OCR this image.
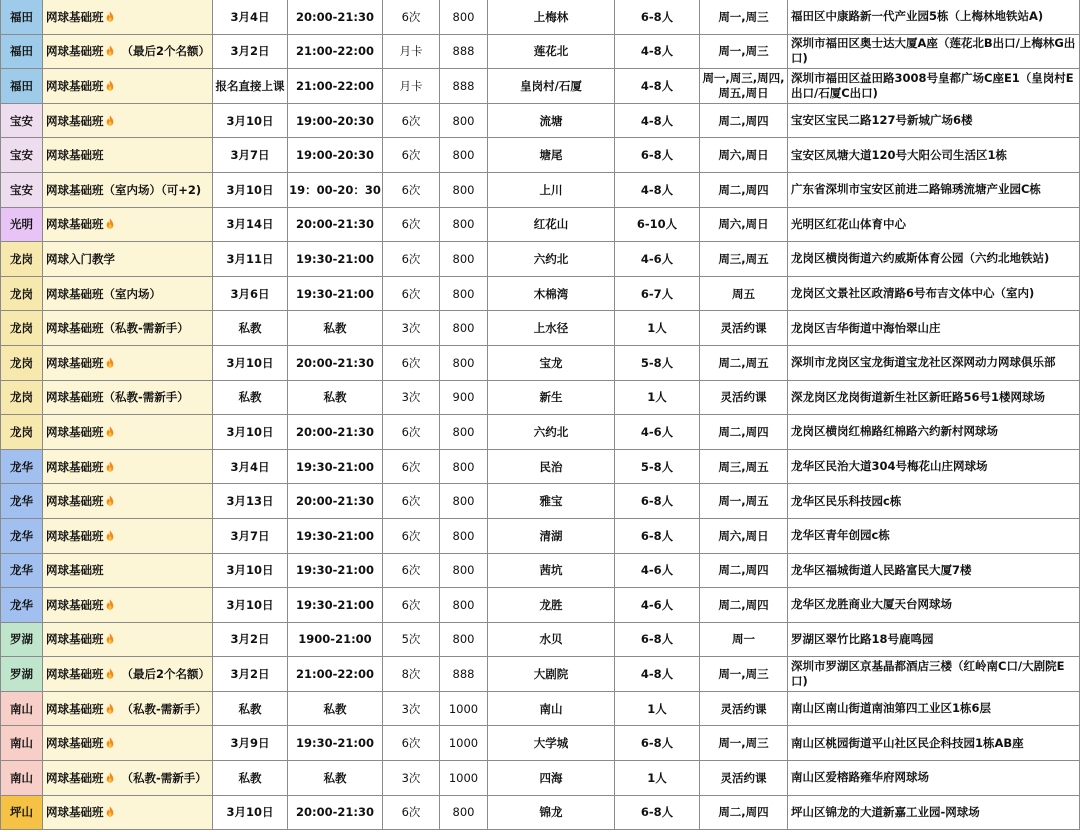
福田	网球基础班	3月4日	20:00-21:30	6次	800	上梅林	6-8人	周一,周三	福田区中康路新一代产业园5栋（上梅林地铁站A)
福田	网球基础班 （最后2个名额）	3月2日	21:00-22:00	月卡	888	莲花北	4-8人	周一,周三	深圳市福田区奥士达大厦A座（莲花北B出口/上梅林G出口)
福田	网球基础班	报名直接上课	21:00-22:00	月卡	888	皇岗村/石厦	4-8人	周一,周三,周四,周五,周日	深圳市福田区益田路3008号皇都广场C座E1（皇岗村E出口/石厦C出口)
宝安	网球基础班	3月10日	19:00-20:30	6次	800	流塘	4-8人	周二,周四	宝安区宝民二路127号新城广场6楼
宝安	网球基础班	3月7日	19:00-20:30	6次	800	塘尾	6-8人	周六,周日	宝安区凤塘大道120号大阳公司生活区1栋
宝安	网球基础班（室内场）（可+2)	3月10日	19：00-20：30	6次	800	上川	4-8人	周二,周四	广东省深圳市宝安区前进二路锦琇流塘产业园C栋
光明	网球基础班	3月14日	20:00-21:30	6次	800	红花山	6-10人	周六,周日	光明区红花山体育中心
龙岗	网球入门教学	3月11日	19:30-21:00	6次	800	六约北	4-6人	周三,周五	龙岗区横岗街道六约威斯体育公园（六约北地铁站)
龙岗	网球基础班（室内场）	3月6日	19:30-21:00	6次	800	木棉湾	6-7人	周五	龙岗区文景社区政清路6号布吉文体中心（室内)
龙岗	网球基础班（私教-需新手）	私教	私教	3次	800	上水径	1人	灵活约课	龙岗区吉华街道中海怡翠山庄
龙岗	网球基础班	3月10日	20:00-21:30	6次	800	宝龙	5-8人	周二,周五	深圳市龙岗区宝龙街道宝龙社区深网动力网球俱乐部
龙岗	网球基础班（私教-需新手）	私教	私教	3次	900	新生	1人	灵活约课	深龙岗区龙岗街道新生社区新旺路56号1楼网球场
龙岗	网球基础班	3月10日	20:00-21:30	6次	800	六约北	4-6人	周二,周四	龙岗区横岗红棉路红棉路六约新村网球场
龙华	网球基础班	3月4日	19:30-21:00	6次	800	民治	5-8人	周三,周五	龙华区民治大道304号梅花山庄网球场
龙华	网球基础班	3月13日	20:00-21:30	6次	800	雅宝	6-8人	周一,周五	龙华区民乐科技园c栋
龙华	网球基础班	3月7日	19:30-21:00	6次	800	清湖	6-8人	周六,周日	龙华区青年创园c栋
龙华	网球基础班	3月10日	19:30-21:00	6次	800	茜坑	4-6人	周二,周四	龙华区福城街道人民路富民大厦7楼
龙华	网球基础班	3月10日	19:30-21:00	6次	800	龙胜	4-6人	周二,周四	龙华区龙胜商业大厦天台网球场
罗湖	网球基础班	3月2日	1900-21:00	5次	800	水贝	6-8人	周一	罗湖区翠竹比路18号鹿鸣园
罗湖	网球基础班 （最后2个名额）	3月2日	21:00-22:00	8次	888	大剧院	4-8人	周一,周三	深圳市罗湖区京基晶都酒店三楼（红岭南C口/大剧院E口)
南山	网球基础班 （私教-需新手）	私教	私教	3次	1000	南山	1人	灵活约课	南山区南山街道南油第四工业区1栋6层
南山	网球基础班	3月9日	19:30-21:00	6次	1000	大学城	6-8人	周一,周三	南山区桃园街道平山社区民企科技园1栋AB座
南山	网球基础班 （私教-需新手）	私教	私教	3次	1000	四海	1人	灵活约课	南山区爱榕路雍华府网球场
坪山	网球基础班	3月10日	20:00-21:30	6次	800	锦龙	6-8人	周二,周四	坪山区锦龙的大道新嘉工业园-网球场
